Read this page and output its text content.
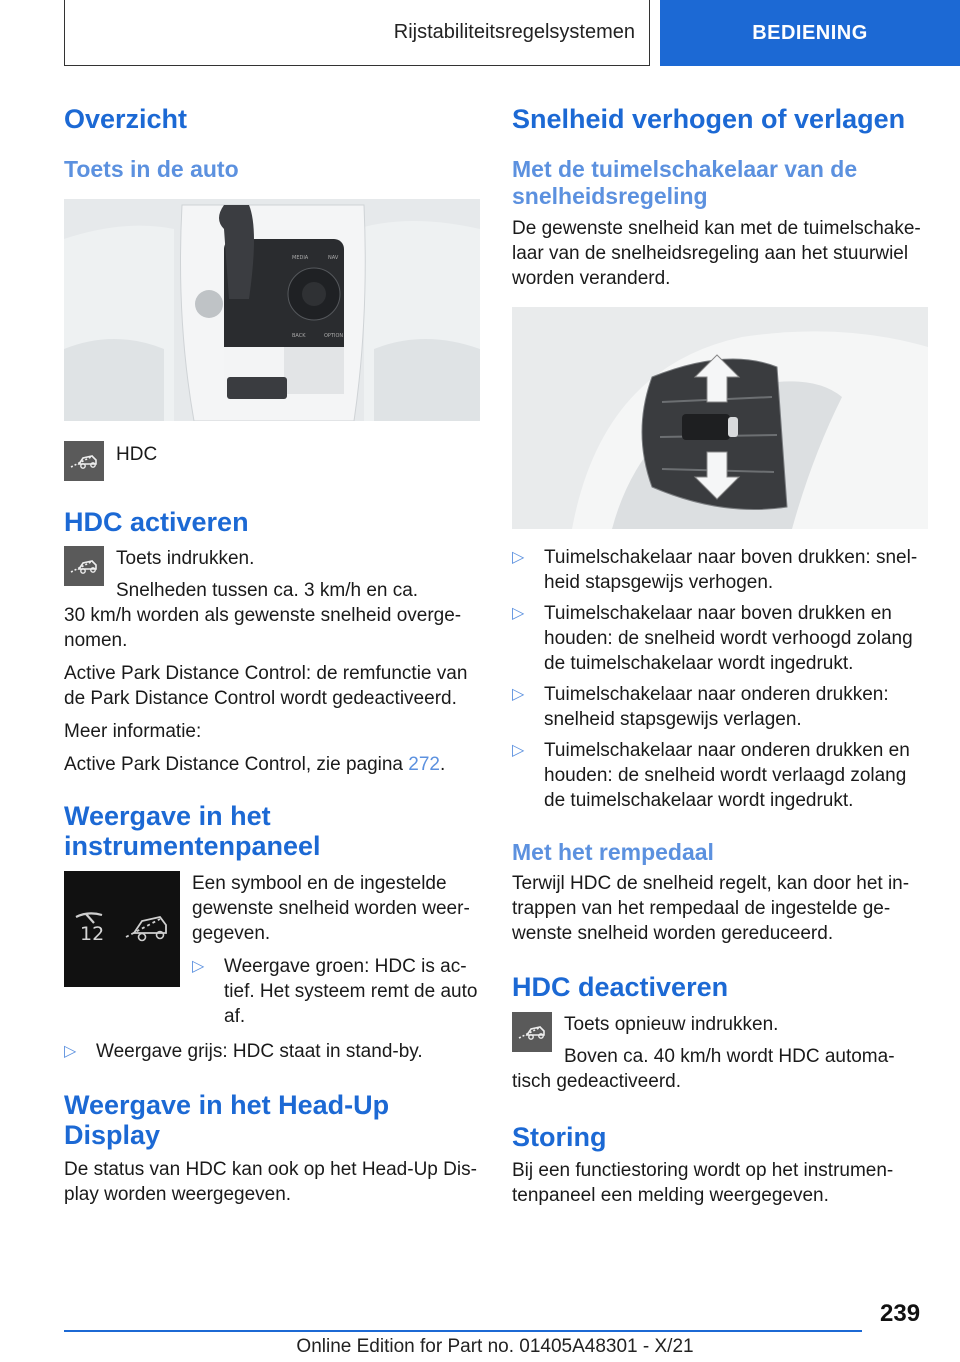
Rijstabiliteitsregelsystemen	BEDIENING
Overzicht
Toets in de auto
MEDIA	NAV
BACK	OPTION

HDC

HDC activeren

Toets indrukken.

Snelheden tussen ca. 3 km/h en ca.

30 km/h worden als gewenste snelheid overge-nomen.

Active Park Distance Control: de remfunctie van de Park Distance Control wordt gedeactiveerd.

Meer informatie:

Active Park Distance Control, zie pagina 272.

Weergave in het instrumentenpaneel
12

Een symbool en de ingestelde gewenste snelheid worden weer-gegeven.

▷ Weergave groen: HDC is ac-tief. Het systeem remt de auto af.

▷ Weergave grijs: HDC staat in stand-by.

Weergave in het Head-Up Display

De status van HDC kan ook op het Head-Up Dis-play worden weergegeven.

Snelheid verhogen of verlagen
Met de tuimelschakelaar van de snelheidsregeling

De gewenste snelheid kan met de tuimelschake-laar van de snelheidsregeling aan het stuurwiel worden veranderd.

▷ Tuimelschakelaar naar boven drukken: snel-heid stapsgewijs verhogen.

▷ Tuimelschakelaar naar boven drukken en houden: de snelheid wordt verhoogd zolang de tuimelschakelaar wordt ingedrukt.

▷ Tuimelschakelaar naar onderen drukken: snelheid stapsgewijs verlagen.

▷ Tuimelschakelaar naar onderen drukken en houden: de snelheid wordt verlaagd zolang de tuimelschakelaar wordt ingedrukt.

Met het rempedaal

Terwijl HDC de snelheid regelt, kan door het in-trappen van het rempedaal de ingestelde ge-wenste snelheid worden gereduceerd.

HDC deactiveren

Toets opnieuw indrukken.

Boven ca. 40 km/h wordt HDC automa-

tisch gedeactiveerd.

Storing

Bij een functiestoring wordt op het instrumen-tenpaneel een melding weergegeven.

239
Online Edition for Part no. 01405A48301 - X/21
